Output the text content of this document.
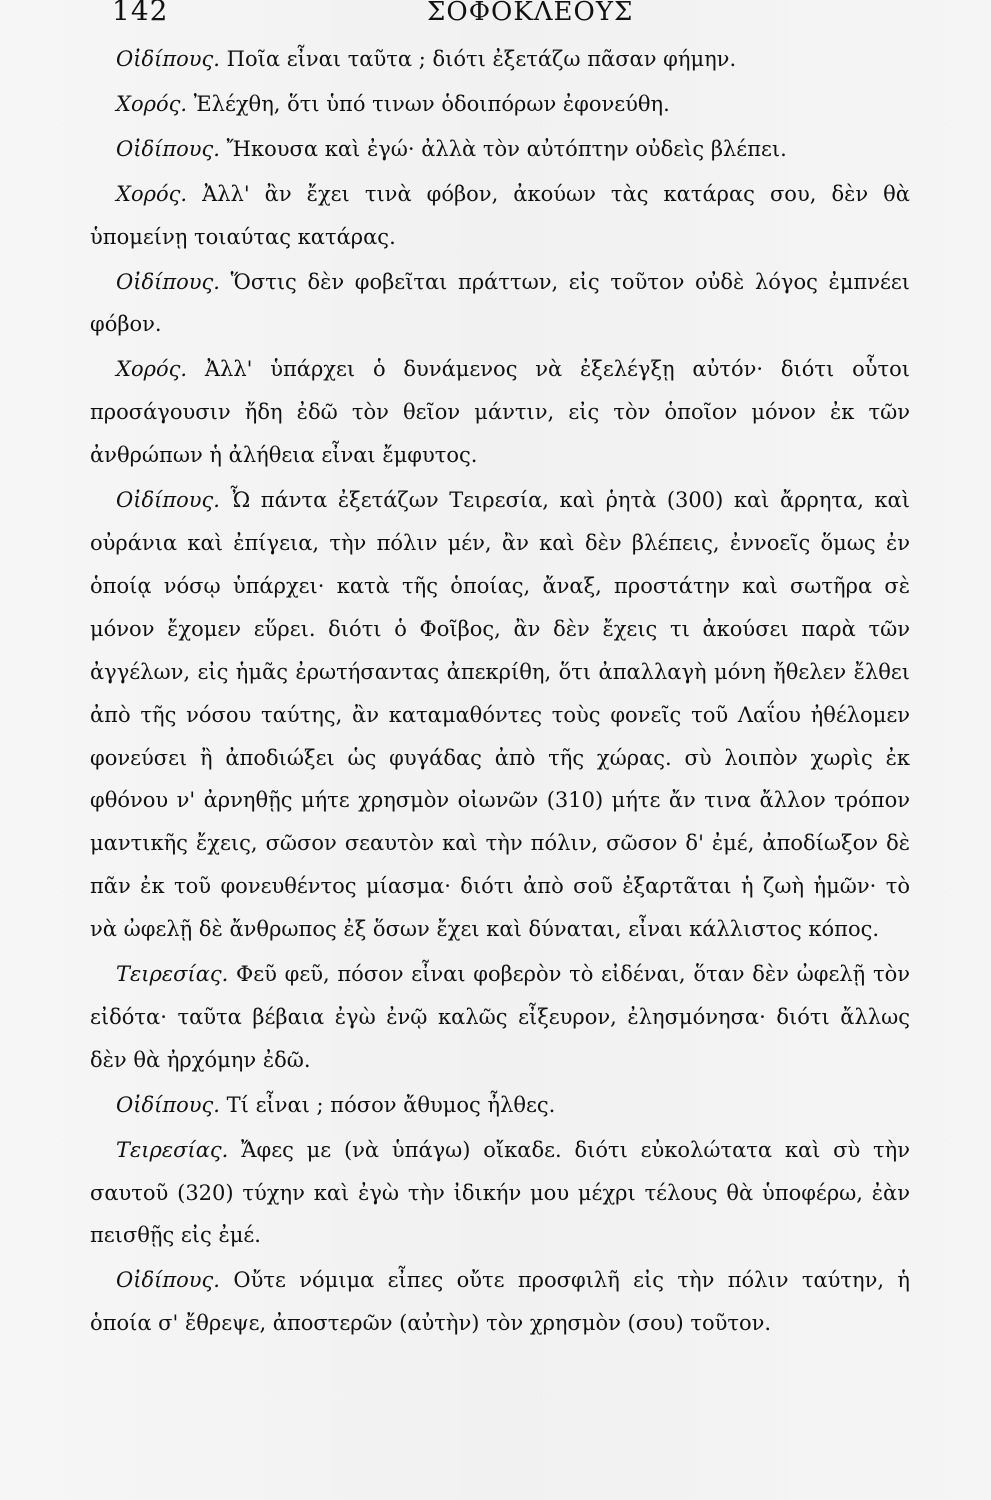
142	ΣΟΦΟΚΛΕΟΥΣ

Οἰδίπους. Ποῖα εἶναι ταῦτα ; διότι ἐξετάζω πᾶσαν φήμην.

Χορός. Ἐλέχθη, ὅτι ὑπό τινων ὁδοιπόρων ἐφονεύθη.

Οἰδίπους. Ἤκουσα καὶ ἐγώ· ἀλλὰ τὸν αὐτόπτην οὐδεὶς βλέπει.

Χορός. Ἀλλ' ἂν ἔχει τινὰ φόβον, ἀκούων τὰς κατάρας σου, δὲν θὰ ὑπομείνῃ τοιαύτας κατάρας.

Οἰδίπους. Ὅστις δὲν φοβεῖται πράττων, εἰς τοῦτον οὐδὲ λόγος ἐμπνέει φόβον.

Χορός. Ἀλλ' ὑπάρχει ὁ δυνάμενος νὰ ἐξελέγξῃ αὐτόν· διότι οὗτοι προσάγουσιν ἤδη ἐδῶ τὸν θεῖον μάντιν, εἰς τὸν ὁποῖον μόνον ἐκ τῶν ἀνθρώπων ἡ ἀλήθεια εἶναι ἔμφυτος.

Οἰδίπους. Ὦ πάντα ἐξετάζων Τειρεσία, καὶ ῥητὰ (300) καὶ ἄρρητα, καὶ οὐράνια καὶ ἐπίγεια, τὴν πόλιν μέν, ἂν καὶ δὲν βλέπεις, ἐννοεῖς ὅμως ἐν ὁποίᾳ νόσῳ ὑπάρχει· κατὰ τῆς ὁποίας, ἄναξ, προστάτην καὶ σωτῆρα σὲ μόνον ἔχομεν εὕρει. διότι ὁ Φοῖβος, ἂν δὲν ἔχεις τι ἀκούσει παρὰ τῶν ἀγγέλων, εἰς ἡμᾶς ἐρωτήσαντας ἀπεκρίθη, ὅτι ἀπαλλαγὴ μόνη ἤθελεν ἔλθει ἀπὸ τῆς νόσου ταύτης, ἂν καταμαθόντες τοὺς φονεῖς τοῦ Λαΐου ἠθέλομεν φονεύσει ἢ ἀποδιώξει ὡς φυγάδας ἀπὸ τῆς χώρας. σὺ λοιπὸν χωρὶς ἐκ φθόνου ν' ἀρνηθῇς μήτε χρησμὸν οἰωνῶν (310) μήτε ἄν τινα ἄλλον τρόπον μαντικῆς ἔχεις, σῶσον σεαυτὸν καὶ τὴν πόλιν, σῶσον δ' ἐμέ, ἀποδίωξον δὲ πᾶν ἐκ τοῦ φονευθέντος μίασμα· διότι ἀπὸ σοῦ ἐξαρτᾶται ἡ ζωὴ ἡμῶν· τὸ νὰ ὠφελῇ δὲ ἄνθρωπος ἐξ ὅσων ἔχει καὶ δύναται, εἶναι κάλλιστος κόπος.

Τειρεσίας. Φεῦ φεῦ, πόσον εἶναι φοβερὸν τὸ εἰδέναι, ὅταν δὲν ὠφελῇ τὸν εἰδότα· ταῦτα βέβαια ἐγὼ ἐνῷ καλῶς εἶξευρον, ἐλησμόνησα· διότι ἄλλως δὲν θὰ ἠρχόμην ἐδῶ.

Οἰδίπους. Τί εἶναι ; πόσον ἄθυμος ἦλθες.

Τειρεσίας. Ἄφες με (νὰ ὑπάγω) οἴκαδε. διότι εὐκολώτατα καὶ σὺ τὴν σαυτοῦ (320) τύχην καὶ ἐγὼ τὴν ἰδικήν μου μέχρι τέλους θὰ ὑποφέρω, ἐὰν πεισθῇς εἰς ἐμέ.

Οἰδίπους. Οὔτε νόμιμα εἶπες οὔτε προσφιλῆ εἰς τὴν πόλιν ταύτην, ἡ ὁποία σ' ἔθρεψε, ἀποστερῶν (αὐτὴν) τὸν χρησμὸν (σου) τοῦτον.
